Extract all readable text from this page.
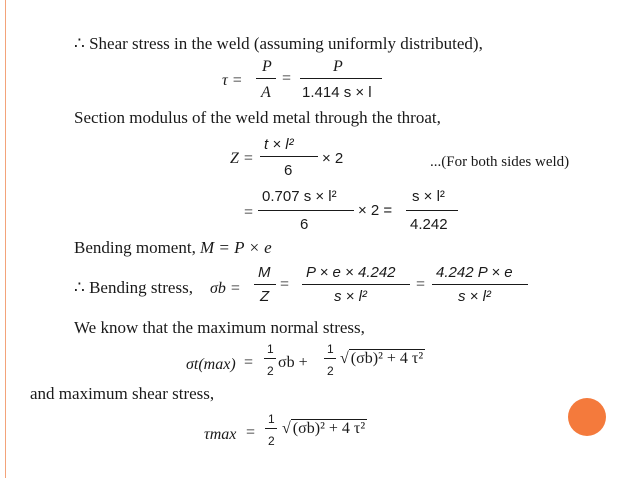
∴ Shear stress in the weld (assuming uniformly distributed),
τ =
P
A
=
P
1.414 s × l
Section modulus of the weld metal through the throat,
Z =
t × l²
6
× 2	...(For both sides weld)
=
0.707 s × l²
6
× 2 =
s × l²
4.242
Bending moment, M = P × e
∴ Bending stress, σb =
M
Z
=
P × e × 4.242
s × l²
=
4.242 P × e
s × l²
We know that the maximum normal stress,
σt(max) =
1
2 σb +
1
2
√ (σb)² + 4 τ²
and maximum shear stress,
τmax =
1
2
√ (σb)² + 4 τ²
